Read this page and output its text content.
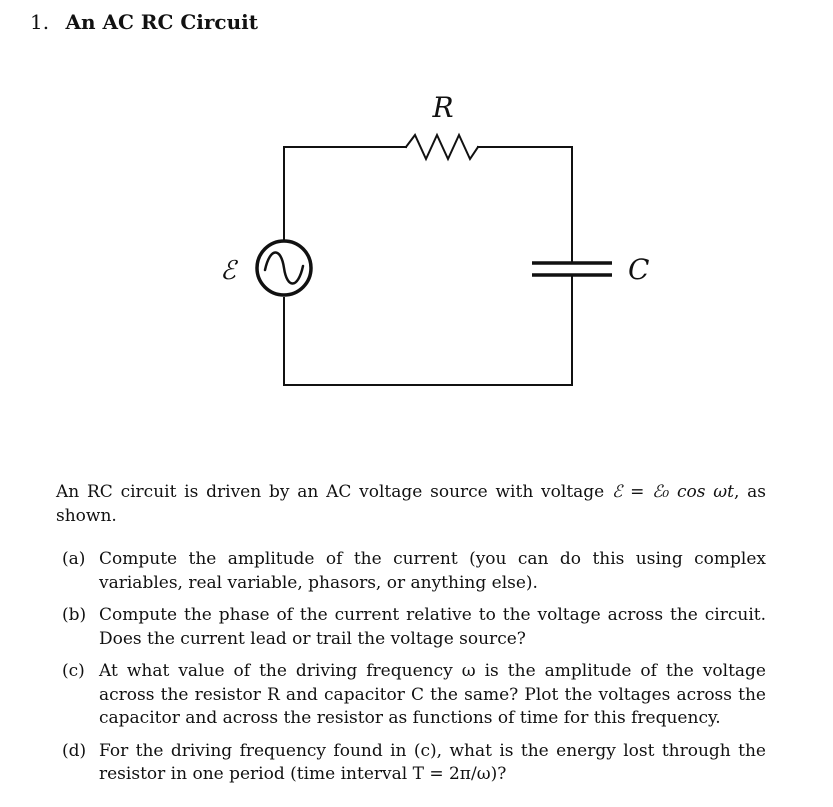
1. An AC RC Circuit
R
C
ℰ
An RC circuit is driven by an AC voltage source with voltage ℰ = ℰ₀ cos ωt, as shown.
(a) Compute the amplitude of the current (you can do this using complex variables, real variable, phasors, or anything else).
(b) Compute the phase of the current relative to the voltage across the circuit. Does the current lead or trail the voltage source?
(c) At what value of the driving frequency ω is the amplitude of the voltage across the resistor R and capacitor C the same? Plot the voltages across the capacitor and across the resistor as functions of time for this frequency.
(d) For the driving frequency found in (c), what is the energy lost through the resistor in one period (time interval T = 2π/ω)?
